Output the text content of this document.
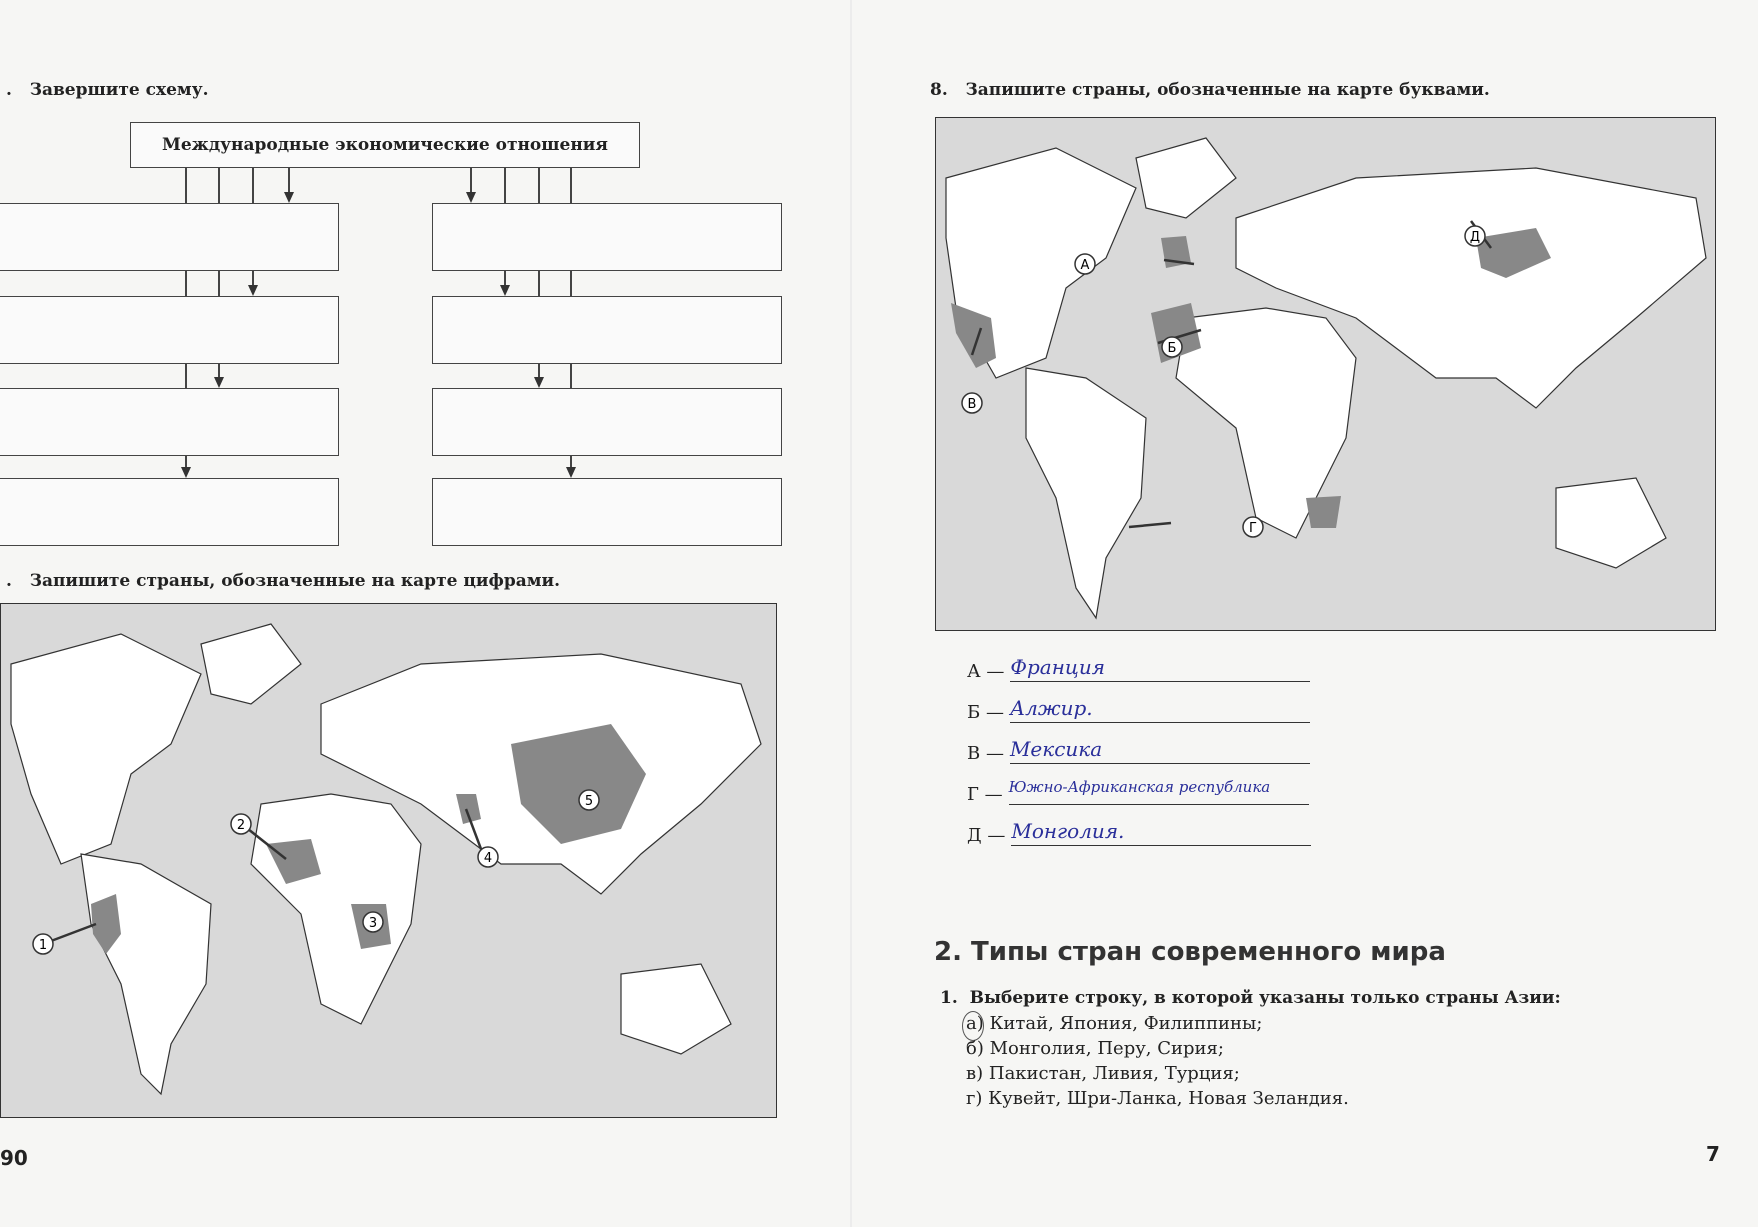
. Завершите схему.
Международные экономические отношения
. Запишите страны, обозначенные на карте цифрами.
1
2
3
4
5
90
8. Запишите страны, обозначенные на карте буквами.
А
Б
В
Г
Д
А — Франция
Б — Алжир.
В — Мексика
Г — Южно-Африканская республика
Д — Монголия.
2. Типы стран современного мира
1. Выберите строку, в которой указаны только страны Азии:
а) Китай, Япония, Филиппины;
б) Монголия, Перу, Сирия;
в) Пакистан, Ливия, Турция;
г) Кувейт, Шри-Ланка, Новая Зеландия.
7
